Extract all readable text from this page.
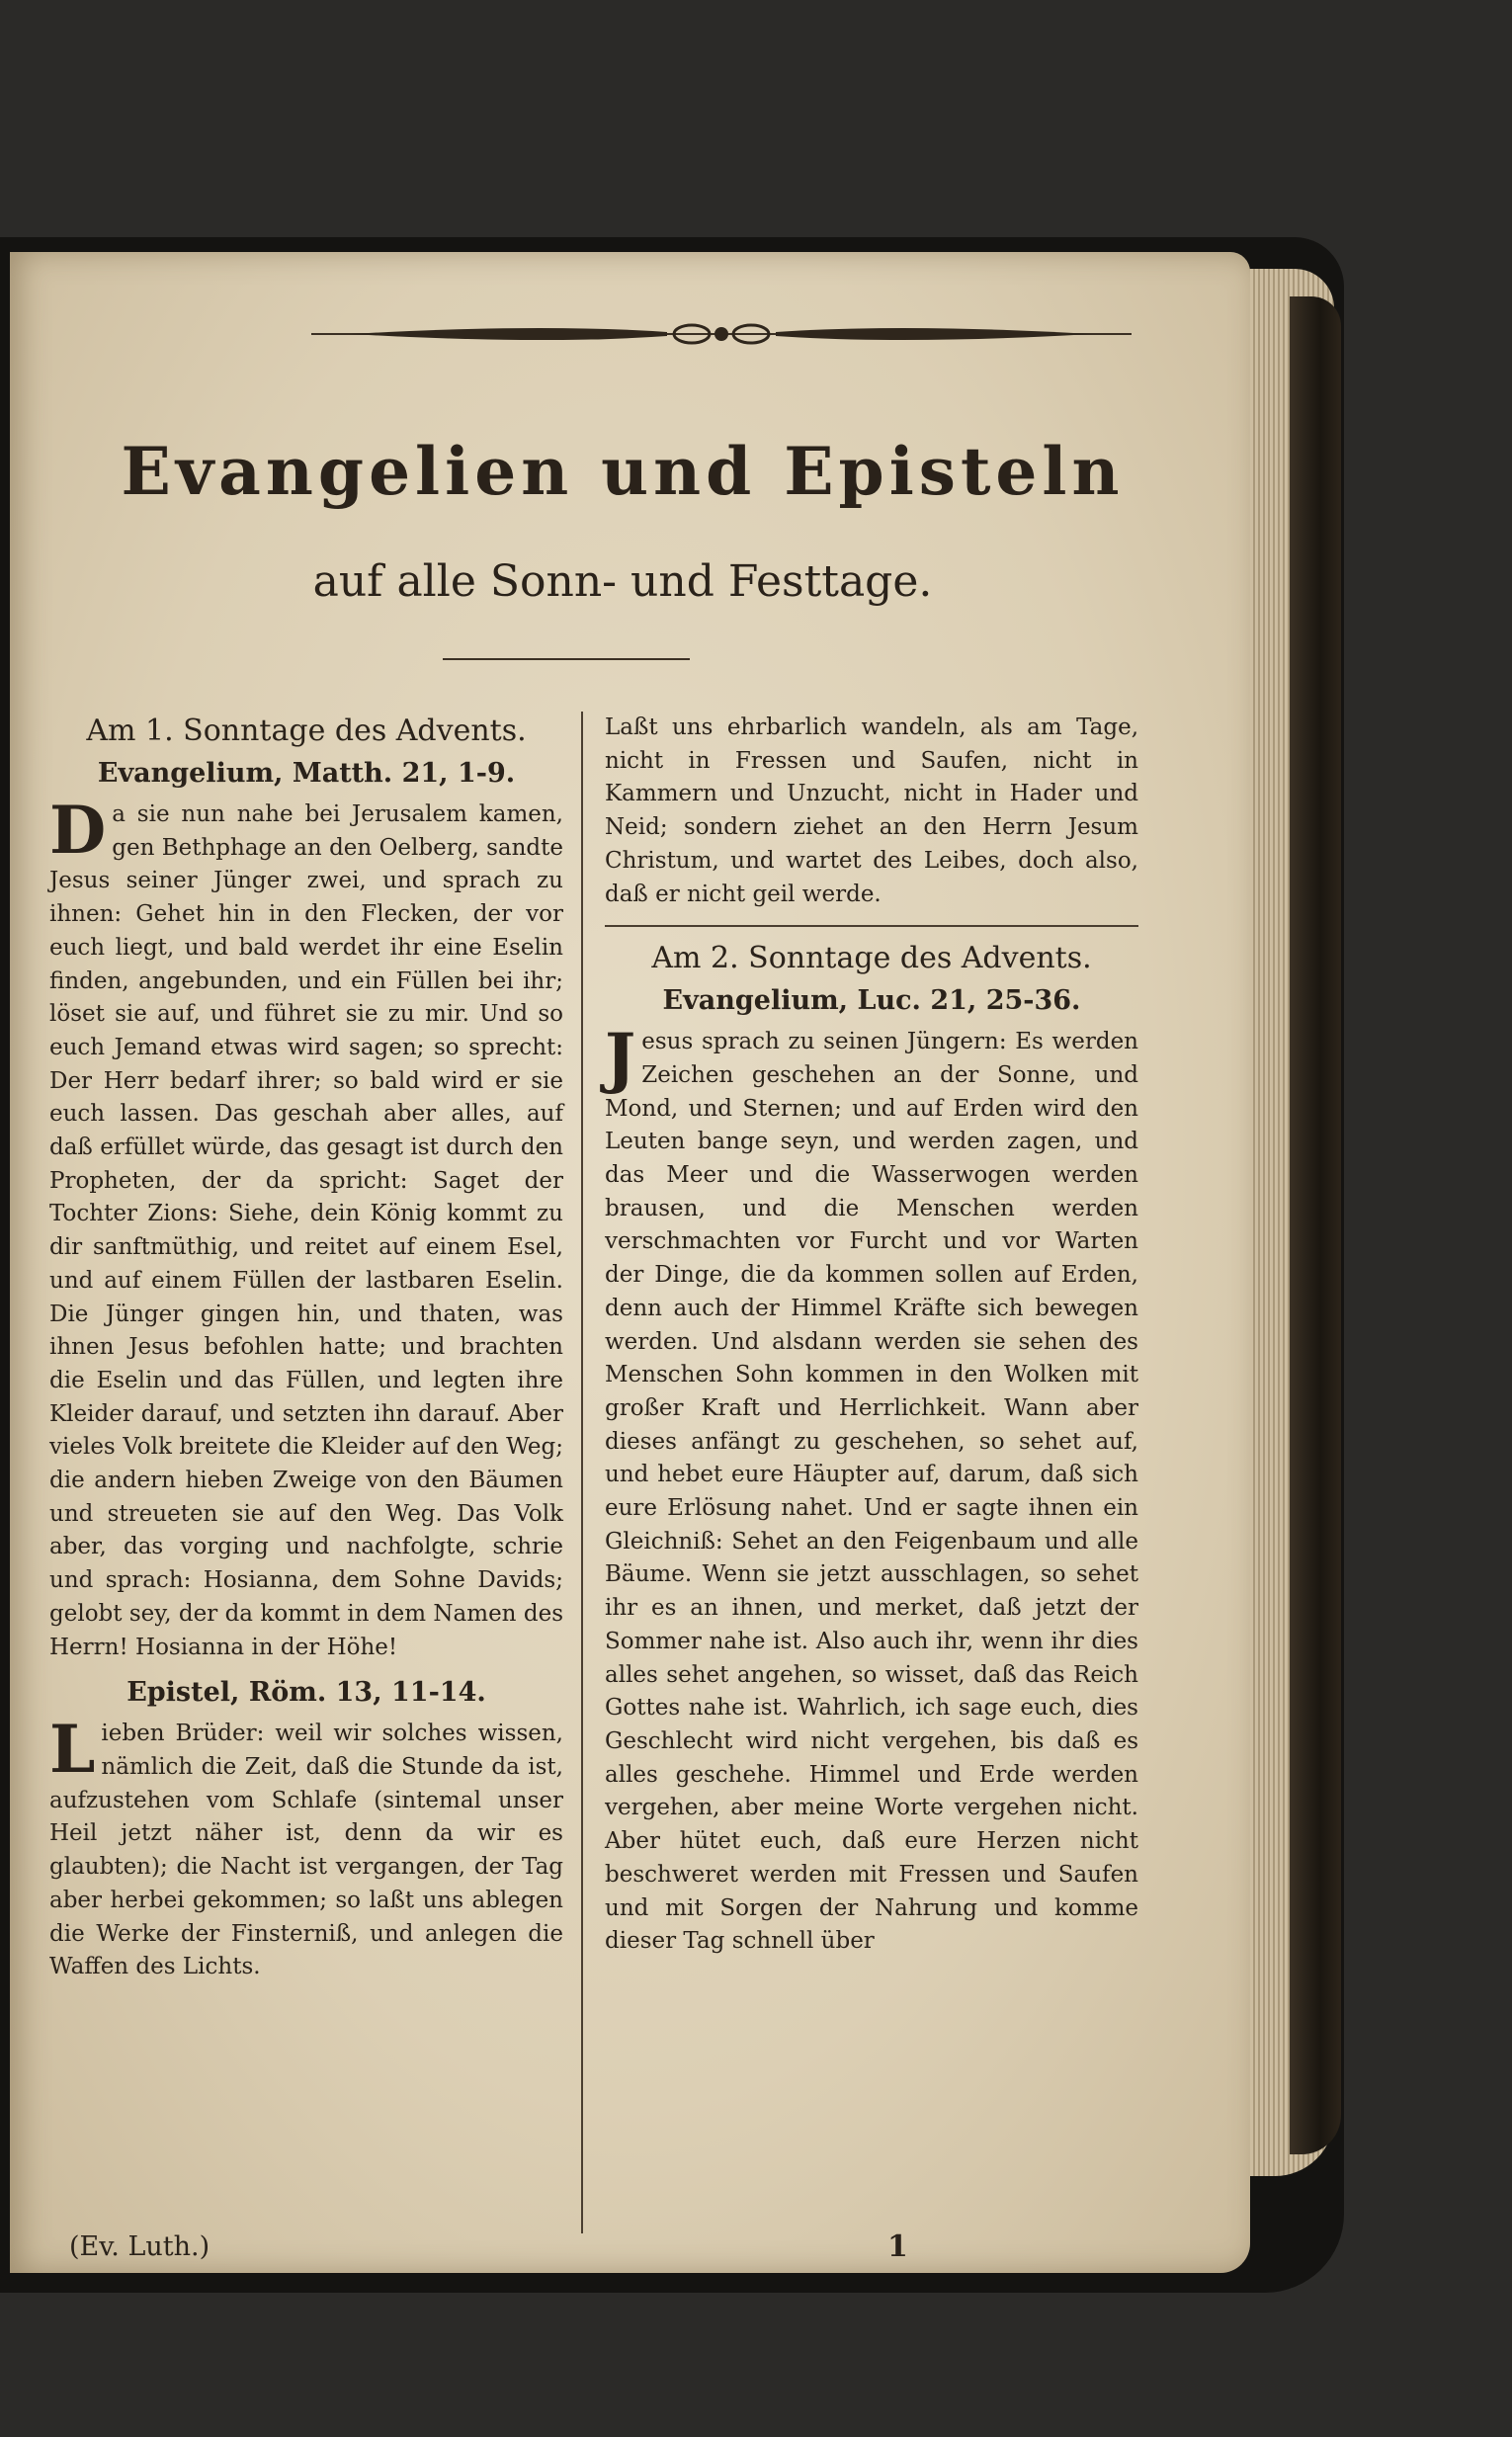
Evangelien und Episteln
auf alle Sonn- und Festtage.
Am 1. Sonntage des Advents.
Evangelium, Matth. 21, 1-9.

Da sie nun nahe bei Jerusalem kamen, gen Bethphage an den Oelberg, sandte Jesus seiner Jünger zwei, und sprach zu ihnen: Gehet hin in den Flecken, der vor euch liegt, und bald werdet ihr eine Eselin finden, angebunden, und ein Füllen bei ihr; löset sie auf, und führet sie zu mir. Und so euch Jemand etwas wird sagen; so sprecht: Der Herr bedarf ihrer; so bald wird er sie euch lassen. Das geschah aber alles, auf daß erfüllet würde, das gesagt ist durch den Propheten, der da spricht: Saget der Tochter Zions: Siehe, dein König kommt zu dir sanftmüthig, und reitet auf einem Esel, und auf einem Füllen der lastbaren Eselin. Die Jünger gingen hin, und thaten, was ihnen Jesus befohlen hatte; und brachten die Eselin und das Füllen, und legten ihre Kleider darauf, und setzten ihn darauf. Aber vieles Volk breitete die Kleider auf den Weg; die andern hieben Zweige von den Bäumen und streueten sie auf den Weg. Das Volk aber, das vorging und nachfolgte, schrie und sprach: Hosianna, dem Sohne Davids; gelobt sey, der da kommt in dem Namen des Herrn! Hosianna in der Höhe!

Epistel, Röm. 13, 11-14.

Lieben Brüder: weil wir solches wissen, nämlich die Zeit, daß die Stunde da ist, aufzustehen vom Schlafe (sintemal unser Heil jetzt näher ist, denn da wir es glaubten); die Nacht ist vergangen, der Tag aber herbei gekommen; so laßt uns ablegen die Werke der Finsterniß, und anlegen die Waffen des Lichts.

Laßt uns ehrbarlich wandeln, als am Tage, nicht in Fressen und Saufen, nicht in Kammern und Unzucht, nicht in Hader und Neid; sondern ziehet an den Herrn Jesum Christum, und wartet des Leibes, doch also, daß er nicht geil werde.

Am 2. Sonntage des Advents.
Evangelium, Luc. 21, 25-36.

Jesus sprach zu seinen Jüngern: Es werden Zeichen geschehen an der Sonne, und Mond, und Sternen; und auf Erden wird den Leuten bange seyn, und werden zagen, und das Meer und die Wasserwogen werden brausen, und die Menschen werden verschmachten vor Furcht und vor Warten der Dinge, die da kommen sollen auf Erden, denn auch der Himmel Kräfte sich bewegen werden. Und alsdann werden sie sehen des Menschen Sohn kommen in den Wolken mit großer Kraft und Herrlichkeit. Wann aber dieses anfängt zu geschehen, so sehet auf, und hebet eure Häupter auf, darum, daß sich eure Erlösung nahet. Und er sagte ihnen ein Gleichniß: Sehet an den Feigenbaum und alle Bäume. Wenn sie jetzt ausschlagen, so sehet ihr es an ihnen, und merket, daß jetzt der Sommer nahe ist. Also auch ihr, wenn ihr dies alles sehet angehen, so wisset, daß das Reich Gottes nahe ist. Wahrlich, ich sage euch, dies Geschlecht wird nicht vergehen, bis daß es alles geschehe. Himmel und Erde werden vergehen, aber meine Worte vergehen nicht. Aber hütet euch, daß eure Herzen nicht beschweret werden mit Fressen und Saufen und mit Sorgen der Nahrung und komme dieser Tag schnell über

(Ev. Luth.)	1
